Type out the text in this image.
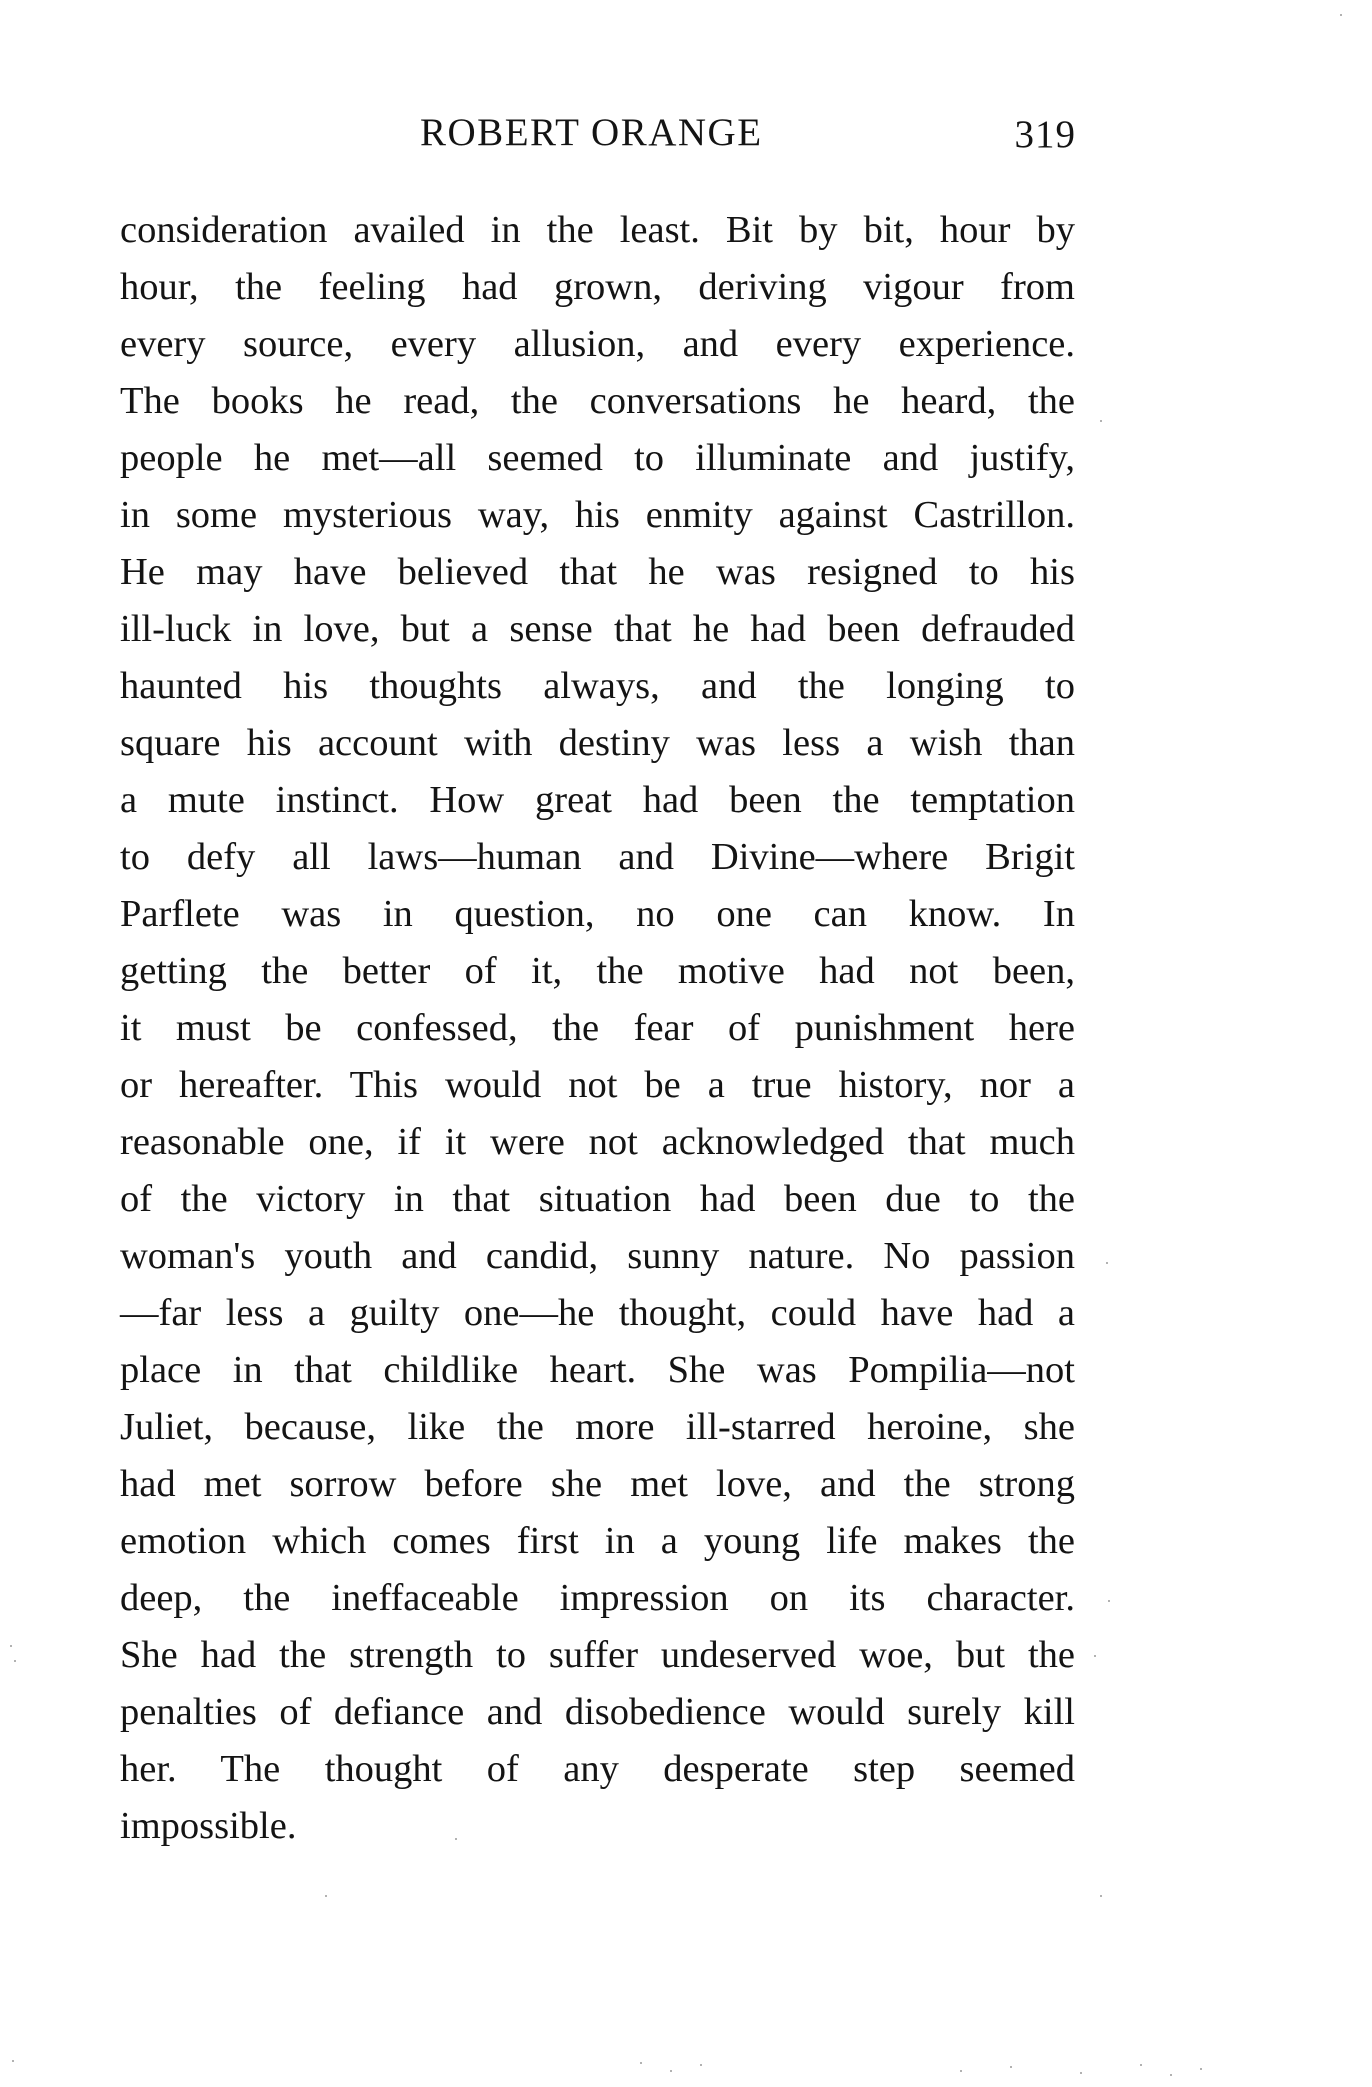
ROBERT ORANGE	319
consideration availed in the least. Bit by bit, hour by
hour, the feeling had grown, deriving vigour from
every source, every allusion, and every experience.
The books he read, the conversations he heard, the
people he met—all seemed to illuminate and justify,
in some mysterious way, his enmity against Castrillon.
He may have believed that he was resigned to his
ill-luck in love, but a sense that he had been defrauded
haunted his thoughts always, and the longing to
square his account with destiny was less a wish than
a mute instinct. How great had been the temptation
to defy all laws—human and Divine—where Brigit
Parflete was in question, no one can know. In
getting the better of it, the motive had not been,
it must be confessed, the fear of punishment here
or hereafter. This would not be a true history, nor a
reasonable one, if it were not acknowledged that much
of the victory in that situation had been due to the
woman's youth and candid, sunny nature. No passion
—far less a guilty one—he thought, could have had a
place in that childlike heart. She was Pompilia—not
Juliet, because, like the more ill-starred heroine, she
had met sorrow before she met love, and the strong
emotion which comes first in a young life makes the
deep, the ineffaceable impression on its character.
She had the strength to suffer undeserved woe, but the
penalties of defiance and disobedience would surely kill
her. The thought of any desperate step seemed
impossible.
